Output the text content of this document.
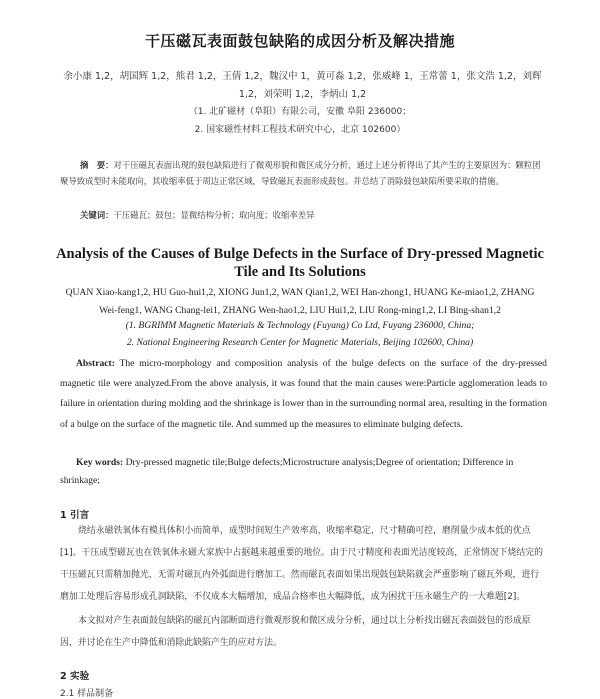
干压磁瓦表面鼓包缺陷的成因分析及解决措施
余小康 1,2，胡国辉 1,2，熊君 1,2，王倩 1,2，魏汉中 1，黄可淼 1,2，张威峰 1，王常蕾 1，张文浩 1,2，刘辉 1,2，刘荣明 1,2，李炳山 1,2
（1. 北矿磁材（阜阳）有限公司，安徽 阜阳 236000；
2. 国家磁性材料工程技术研究中心，北京 102600）
摘　要：对干压磁瓦表面出现的鼓包缺陷进行了微观形貌和微区成分分析，通过上述分析得出了其产生的主要原因为：颗粒团聚导致成型时未能取向，其收缩率低于周边正常区域，导致磁瓦表面形成鼓包。并总结了消除鼓包缺陷所要采取的措施。
关键词：干压磁瓦；鼓包；显微结构分析；取向度；收缩率差异
Analysis of the Causes of Bulge Defects in the Surface of Dry-pressed Magnetic Tile and Its Solutions
QUAN Xiao-kang1,2, HU Guo-hui1,2, XIONG Jun1,2, WAN Qian1,2, WEI Han-zhong1, HUANG Ke-miao1,2, ZHANG Wei-feng1, WANG Chang-lei1, ZHANG Wen-hao1,2, LIU Hui1,2, LIU Rong-ming1,2, LI Bing-shan1,2
(1. BGRIMM Magnetic Materials & Technology (Fuyang) Co Ltd, Fuyang 236000, China;
2. National Engineering Research Center for Magnetic Materials, Beijing 102600, China)
Abstract: The micro-morphology and composition analysis of the bulge defects on the surface of the dry-pressed magnetic tile were analyzed.From the above analysis, it was found that the main causes were:Particle agglomeration leads to failure in orientation during molding and the shrinkage is lower than in the surrounding normal area, resulting in the formation of a bulge on the surface of the magnetic tile. And summed up the measures to eliminate bulging defects.
Key words: Dry-pressed magnetic tile;Bulge defects;Microstructure analysis;Degree of orientation; Difference in shrinkage;
1 引言
烧结永磁铁氧体有模具体积小而简单，成型时间短生产效率高，收缩率稳定，尺寸精确可控，磨削量少成本低的优点[1]。干压成型磁瓦也在铁氧体永磁大家族中占据越来越重要的地位。由于尺寸精度和表面光洁度较高，正常情况下烧结完的干压磁瓦只需精加抛光，无需对磁瓦内外弧面进行磨加工。然而磁瓦表面如果出现鼓包缺陷就会严重影响了磁瓦外观，进行磨加工处理后容易形成孔洞缺陷，不仅成本大幅增加，成品合格率也大幅降低，成为困扰干压永磁生产的一大难题[2]。
本文拟对产生表面鼓包缺陷的磁瓦内部断面进行微观形貌和微区成分分析，通过以上分析找出磁瓦表面鼓包的形成原因，并讨论在生产中降低和消除此缺陷产生的应对方法。
2 实验
2.1 样品制备
